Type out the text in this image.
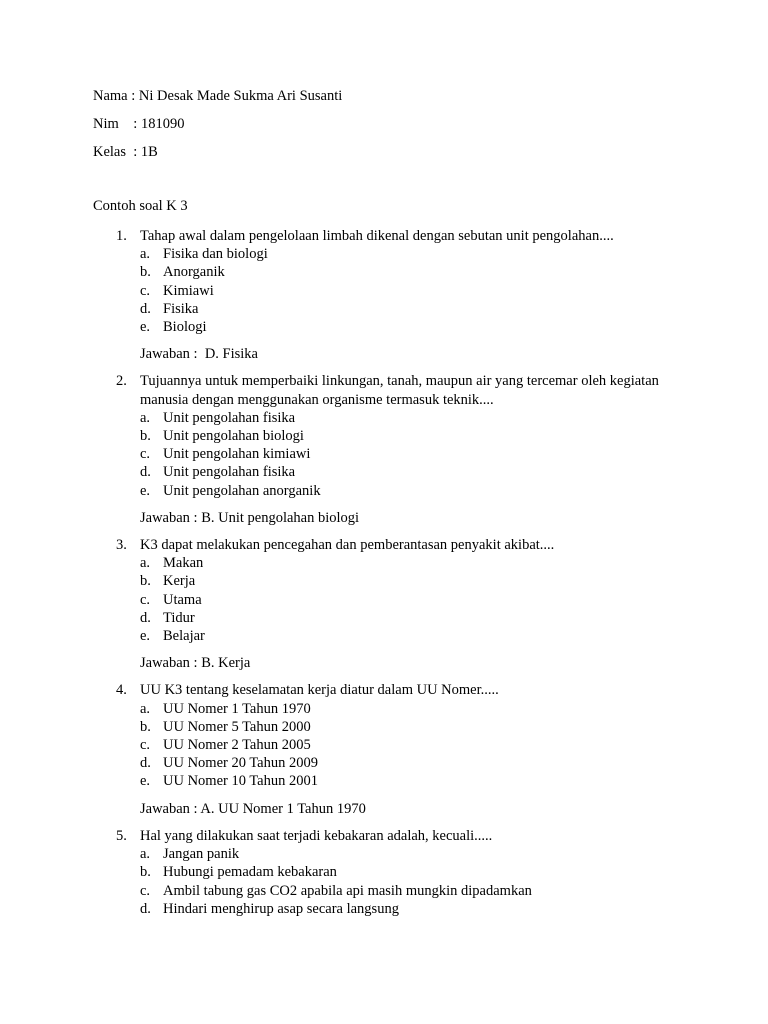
Nama : Ni Desak Made Sukma Ari Susanti
Nim    : 181090
Kelas  : 1B
Contoh soal K 3
1. Tahap awal dalam pengelolaan limbah dikenal dengan sebutan unit pengolahan....
a. Fisika dan biologi
b. Anorganik
c. Kimiawi
d. Fisika
e. Biologi
Jawaban :  D. Fisika
2. Tujuannya untuk memperbaiki linkungan, tanah, maupun air yang tercemar oleh kegiatan manusia dengan menggunakan organisme termasuk teknik....
a. Unit pengolahan fisika
b. Unit pengolahan biologi
c. Unit pengolahan kimiawi
d. Unit pengolahan fisika
e. Unit pengolahan anorganik
Jawaban : B. Unit pengolahan biologi
3. K3 dapat melakukan pencegahan dan pemberantasan penyakit akibat....
a. Makan
b. Kerja
c. Utama
d. Tidur
e. Belajar
Jawaban : B. Kerja
4. UU K3 tentang keselamatan kerja diatur dalam UU Nomer.....
a. UU Nomer 1 Tahun 1970
b. UU Nomer 5 Tahun 2000
c. UU Nomer 2 Tahun 2005
d. UU Nomer 20 Tahun 2009
e. UU Nomer 10 Tahun 2001
Jawaban : A. UU Nomer 1 Tahun 1970
5. Hal yang dilakukan saat terjadi kebakaran adalah, kecuali.....
a. Jangan panik
b. Hubungi pemadam kebakaran
c. Ambil tabung gas CO2 apabila api masih mungkin dipadamkan
d. Hindari menghirup asap secara langsung
